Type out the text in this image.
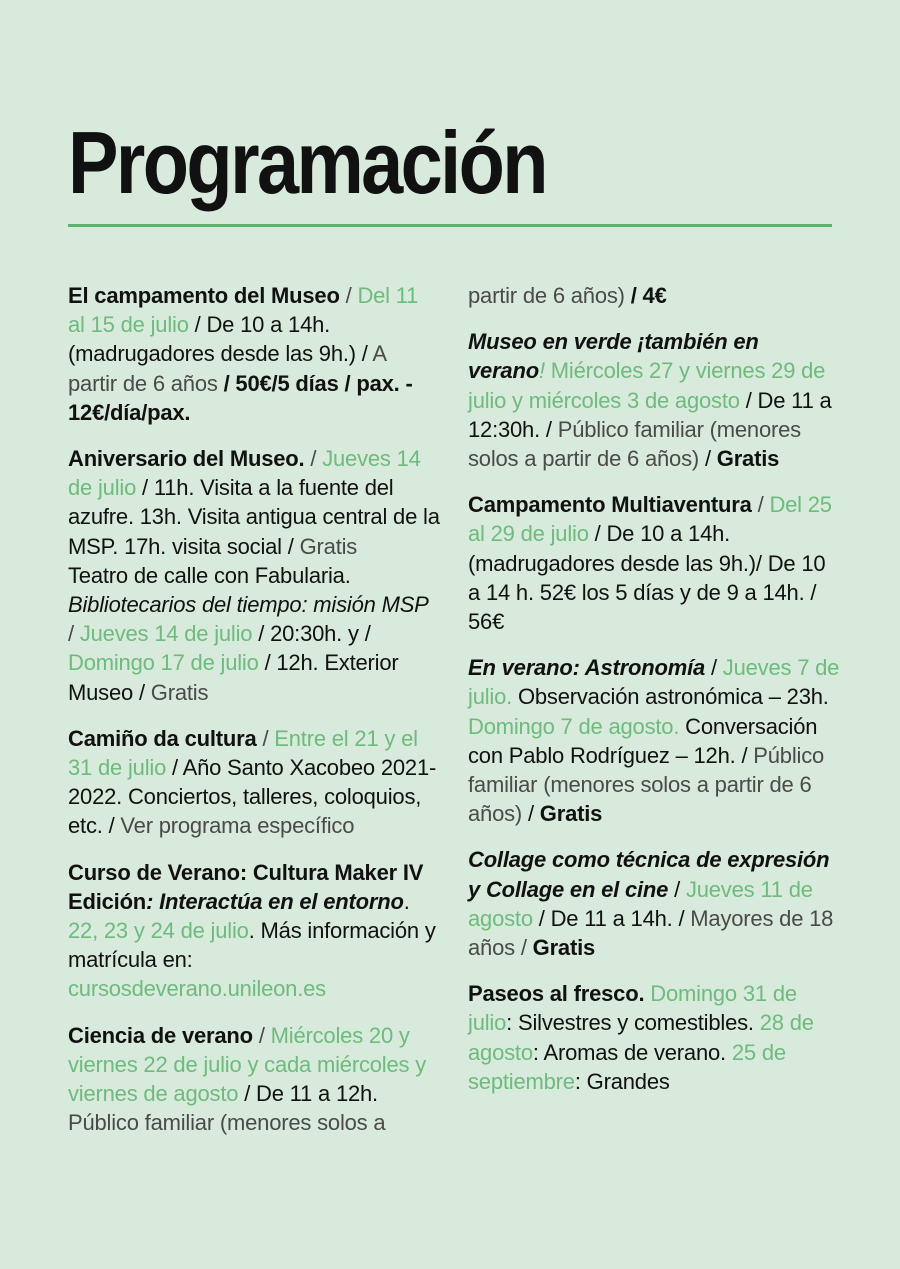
Programación

El campamento del Museo / Del 11 al 15 de julio / De 10 a 14h. (madrugadores desde las 9h.) / A partir de 6 años / 50€/5 días / pax. - 12€/día/pax.

Aniversario del Museo. / Jueves 14 de julio / 11h. Visita a la fuente del azufre. 13h. Visita antigua central de la MSP. 17h. visita social / Gratis
Teatro de calle con Fabularia.
Bibliotecarios del tiempo: misión MSP / Jueves 14 de julio / 20:30h. y / Domingo 17 de julio / 12h. Exterior Museo / Gratis

Camiño da cultura / Entre el 21 y el 31 de julio / Año Santo Xacobeo 2021-2022. Conciertos, talleres, coloquios, etc. / Ver programa específico

Curso de Verano: Cultura Maker IV Edición: Interactúa en el entorno. 22, 23 y 24 de julio. Más información y matrícula en: cursosdeverano.unileon.es

Ciencia de verano / Miércoles 20 y viernes 22 de julio y cada miércoles y viernes de agosto / De 11 a 12h. Público familiar (menores solos a

partir de 6 años) / 4€

Museo en verde ¡también en verano! Miércoles 27 y viernes 29 de julio y miércoles 3 de agosto / De 11 a 12:30h. / Público familiar (menores solos a partir de 6 años) / Gratis

Campamento Multiaventura / Del 25 al 29 de julio / De 10 a 14h. (madrugadores desde las 9h.)/ De 10 a 14 h. 52€ los 5 días y de 9 a 14h. / 56€

En verano: Astronomía / Jueves 7 de julio. Observación astronómica – 23h. Domingo 7 de agosto. Conversación con Pablo Rodríguez – 12h. / Público familiar (menores solos a partir de 6 años) / Gratis

Collage como técnica de expresión y Collage en el cine / Jueves 11 de agosto / De 11 a 14h. / Mayores de 18 años / Gratis

Paseos al fresco. Domingo 31 de julio: Silvestres y comestibles. 28 de agosto: Aromas de verano. 25 de septiembre: Grandes
